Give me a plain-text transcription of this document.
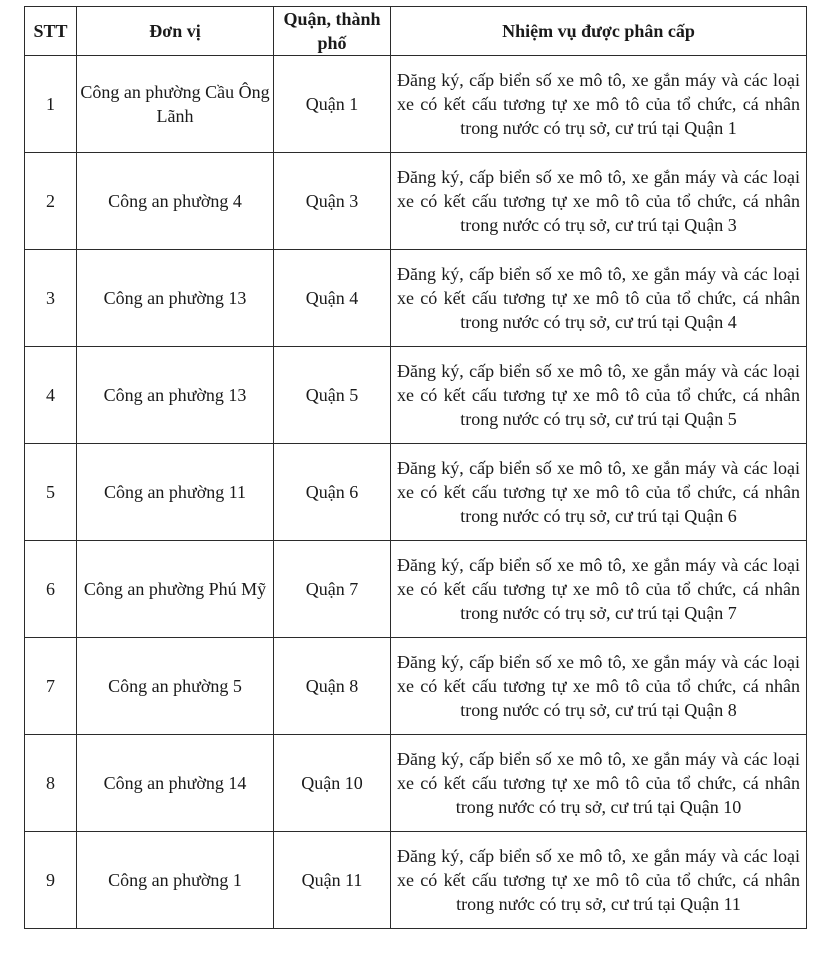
STT	Đơn vị	Quận, thành phố	Nhiệm vụ được phân cấp
1	Công an phường Cầu Ông Lãnh	Quận 1	Đăng ký, cấp biển số xe mô tô, xe gắn máy và các loại xe có kết cấu tương tự xe mô tô của tổ chức, cá nhân trong nước có trụ sở, cư trú tại Quận 1
2	Công an phường 4	Quận 3	Đăng ký, cấp biển số xe mô tô, xe gắn máy và các loại xe có kết cấu tương tự xe mô tô của tổ chức, cá nhân trong nước có trụ sở, cư trú tại Quận 3
3	Công an phường 13	Quận 4	Đăng ký, cấp biển số xe mô tô, xe gắn máy và các loại xe có kết cấu tương tự xe mô tô của tổ chức, cá nhân trong nước có trụ sở, cư trú tại Quận 4
4	Công an phường 13	Quận 5	Đăng ký, cấp biển số xe mô tô, xe gắn máy và các loại xe có kết cấu tương tự xe mô tô của tổ chức, cá nhân trong nước có trụ sở, cư trú tại Quận 5
5	Công an phường 11	Quận 6	Đăng ký, cấp biển số xe mô tô, xe gắn máy và các loại xe có kết cấu tương tự xe mô tô của tổ chức, cá nhân trong nước có trụ sở, cư trú tại Quận 6
6	Công an phường Phú Mỹ	Quận 7	Đăng ký, cấp biển số xe mô tô, xe gắn máy và các loại xe có kết cấu tương tự xe mô tô của tổ chức, cá nhân trong nước có trụ sở, cư trú tại Quận 7
7	Công an phường 5	Quận 8	Đăng ký, cấp biển số xe mô tô, xe gắn máy và các loại xe có kết cấu tương tự xe mô tô của tổ chức, cá nhân trong nước có trụ sở, cư trú tại Quận 8
8	Công an phường 14	Quận 10	Đăng ký, cấp biển số xe mô tô, xe gắn máy và các loại xe có kết cấu tương tự xe mô tô của tổ chức, cá nhân trong nước có trụ sở, cư trú tại Quận 10
9	Công an phường 1	Quận 11	Đăng ký, cấp biển số xe mô tô, xe gắn máy và các loại xe có kết cấu tương tự xe mô tô của tổ chức, cá nhân trong nước có trụ sở, cư trú tại Quận 11
